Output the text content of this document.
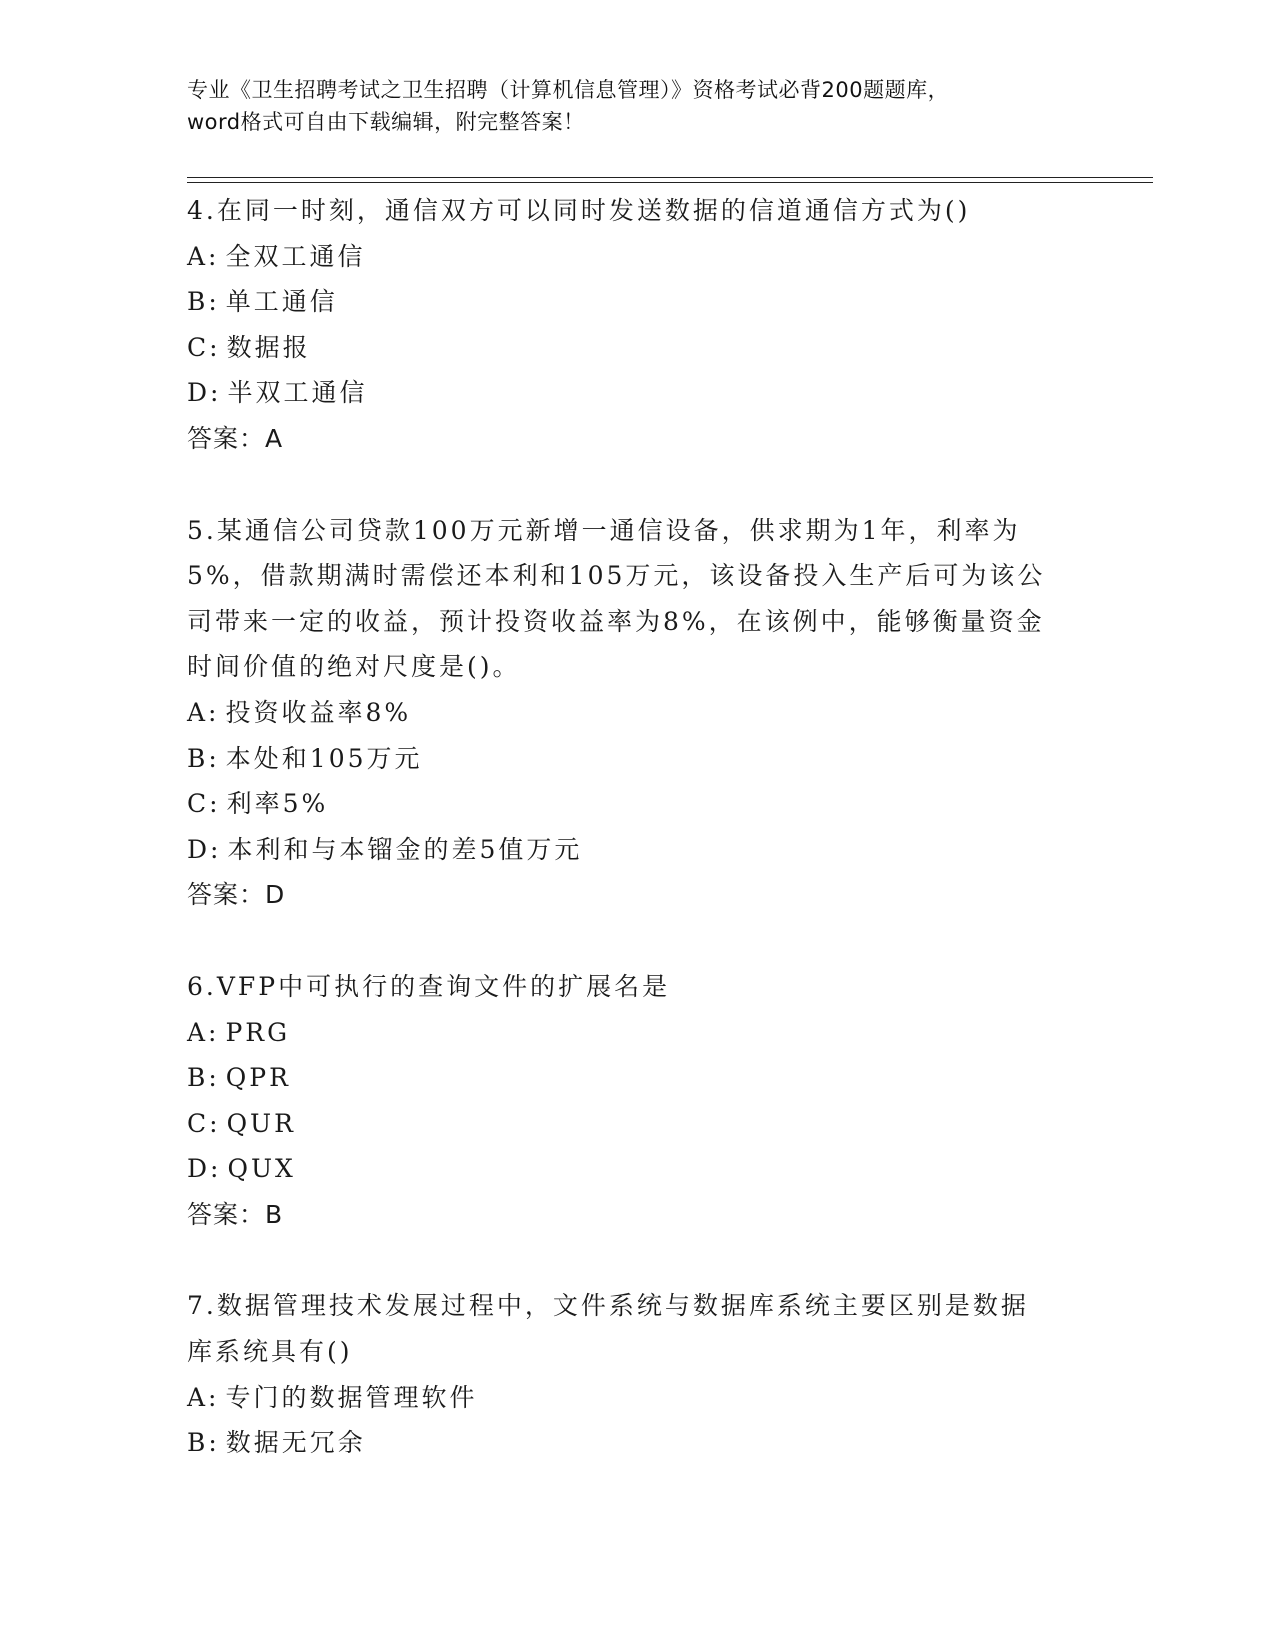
专业《卫生招聘考试之卫生招聘（计算机信息管理）》资格考试必背200题题库，
word格式可自由下载编辑，附完整答案！
4.在同一时刻，通信双方可以同时发送数据的信道通信方式为()
A: 全双工通信
B: 单工通信
C: 数据报
D: 半双工通信
答案：A
5.某通信公司贷款100万元新增一通信设备，供求期为1年，利率为
5%，借款期满时需偿还本利和105万元，该设备投入生产后可为该公
司带来一定的收益，预计投资收益率为8%，在该例中，能够衡量资金
时间价值的绝对尺度是()。
A: 投资收益率8%
B: 本处和105万元
C: 利率5%
D: 本利和与本镏金的差5值万元
答案：D
6.VFP中可执行的查询文件的扩展名是
A: PRG
B: QPR
C: QUR
D: QUX
答案：B
7.数据管理技术发展过程中，文件系统与数据库系统主要区别是数据
库系统具有()
A: 专门的数据管理软件
B: 数据无冗余
